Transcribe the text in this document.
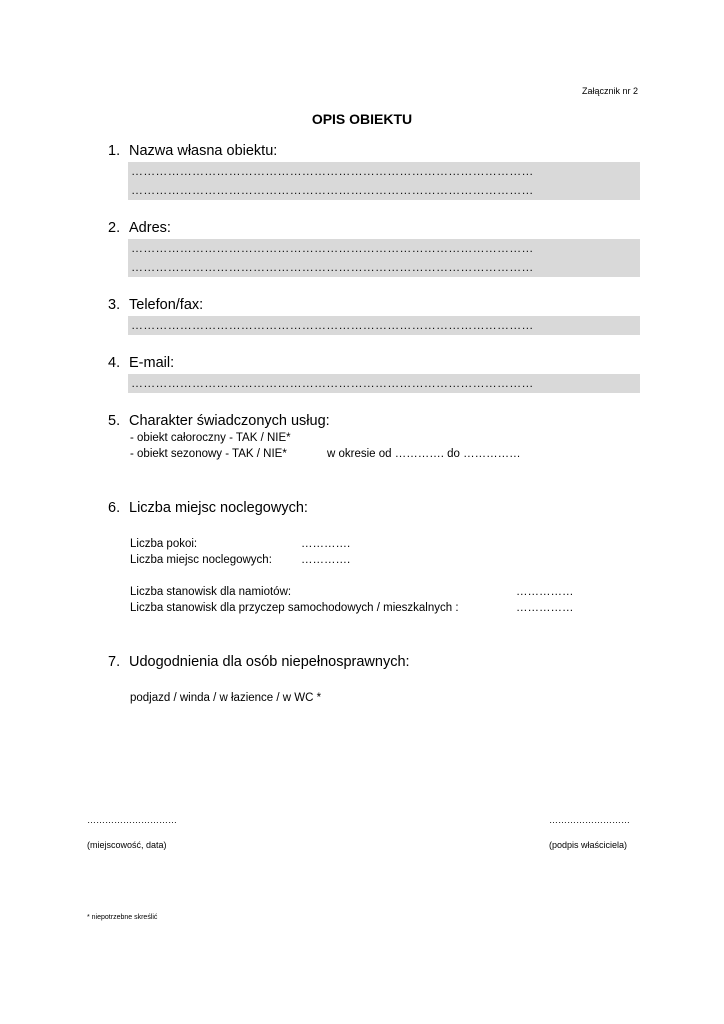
Załącznik nr 2
OPIS OBIEKTU
1. Nazwa własna obiektu:
………………………………………………………………………………………
………………………………………………………………………………………
2. Adres:
………………………………………………………………………………………
………………………………………………………………………………………
3. Telefon/fax:
………………………………………………………………………………………
4. E-mail:
………………………………………………………………………………………
5. Charakter świadczonych usług:
- obiekt całoroczny - TAK / NIE*
- obiekt sezonowy - TAK / NIE*	w okresie od …………. do ……………
6. Liczba miejsc noclegowych:
Liczba pokoi:	………….
Liczba miejsc noclegowych:	………….
Liczba stanowisk dla namiotów:	……………
Liczba stanowisk dla przyczep samochodowych / mieszkalnych :	……………
7. Udogodnienia dla osób niepełnosprawnych:
podjazd / winda / w łazience / w WC *
…………………………
(miejscowość, data)
………………………
(podpis właściciela)
* niepotrzebne skreślić
